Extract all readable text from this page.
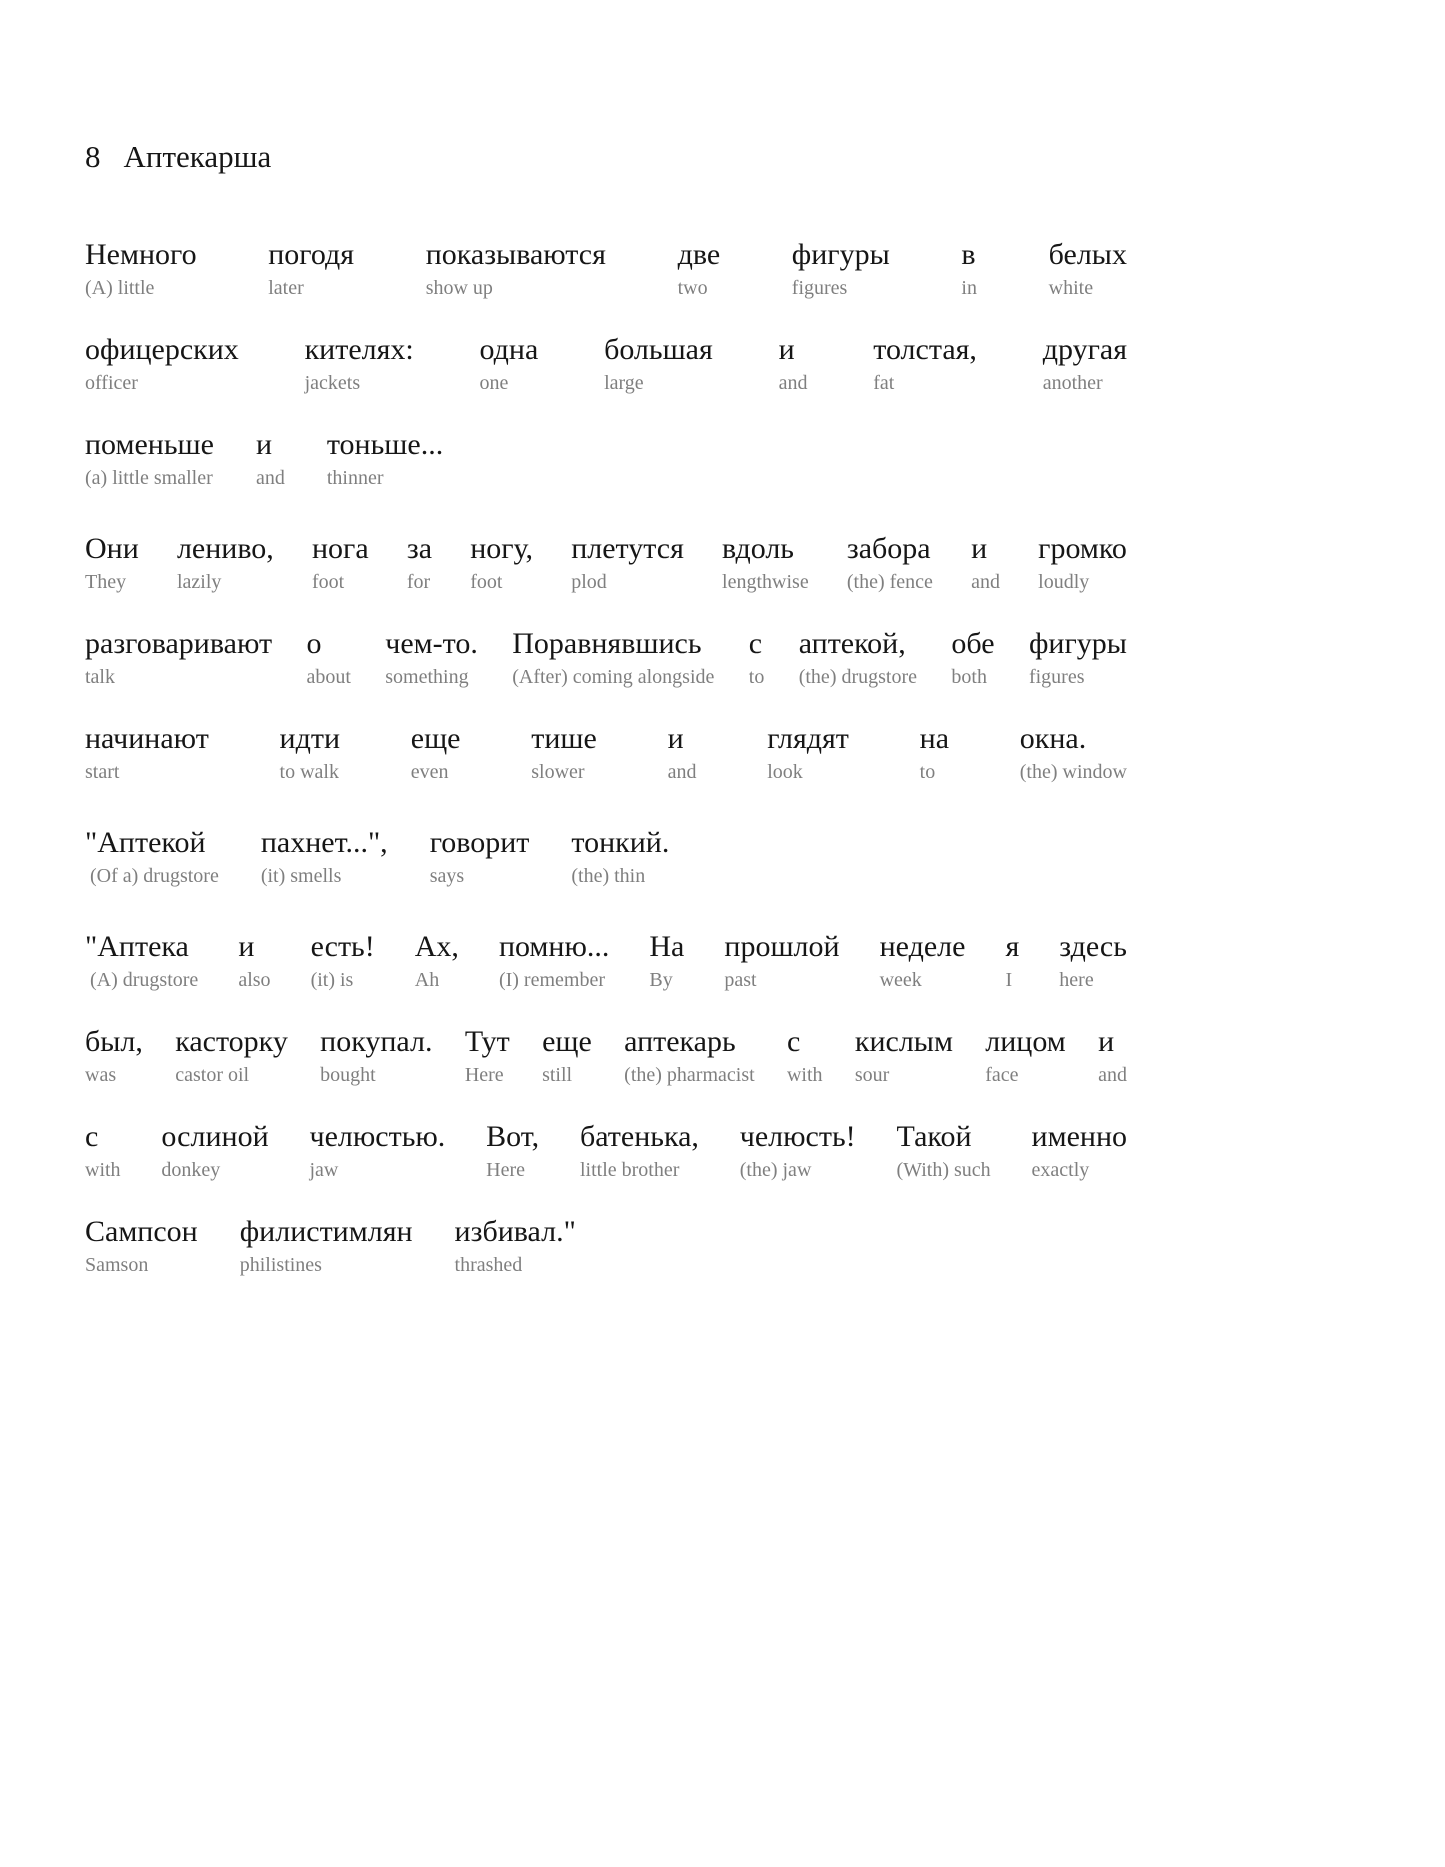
8 Аптекарша
Немного
(A) little
погодя
later
показываются
show up
две
two
фигуры
figures
в
in
белых
white
офицерских
officer
кителях:
jackets
одна
one
большая
large
и
and
толстая,
fat
другая
another
поменьше
(a) little smaller
и
and
тоньше...
thinner
Они
They
лениво,
lazily
нога
foot
за
for
ногу,
foot
плетутся
plod
вдоль
lengthwise
забора
(the) fence
и
and
громко
loudly
разговаривают
talk
о
about
чем-то.
something
Поравнявшись
(After) coming alongside
с
to
аптекой,
(the) drugstore
обе
both
фигуры
figures
начинают
start
идти
to walk
еще
even
тише
slower
и
and
глядят
look
на
to
окна.
(the) window
"Аптекой
(Of a) drugstore
пахнет...",
(it) smells
говорит
says
тонкий.
(the) thin
"Аптека
(A) drugstore
и
also
есть!
(it) is
Ах,
Ah
помню...
(I) remember
На
By
прошлой
past
неделе
week
я
I
здесь
here
был,
was
касторку
castor oil
покупал.
bought
Тут
Here
еще
still
аптекарь
(the) pharmacist
с
with
кислым
sour
лицом
face
и
and
с
with
ослиной
donkey
челюстью.
jaw
Вот,
Here
батенька,
little brother
челюсть!
(the) jaw
Такой
(With) such
именно
exactly
Сампсон
Samson
филистимлян
philistines
избивал."
thrashed
